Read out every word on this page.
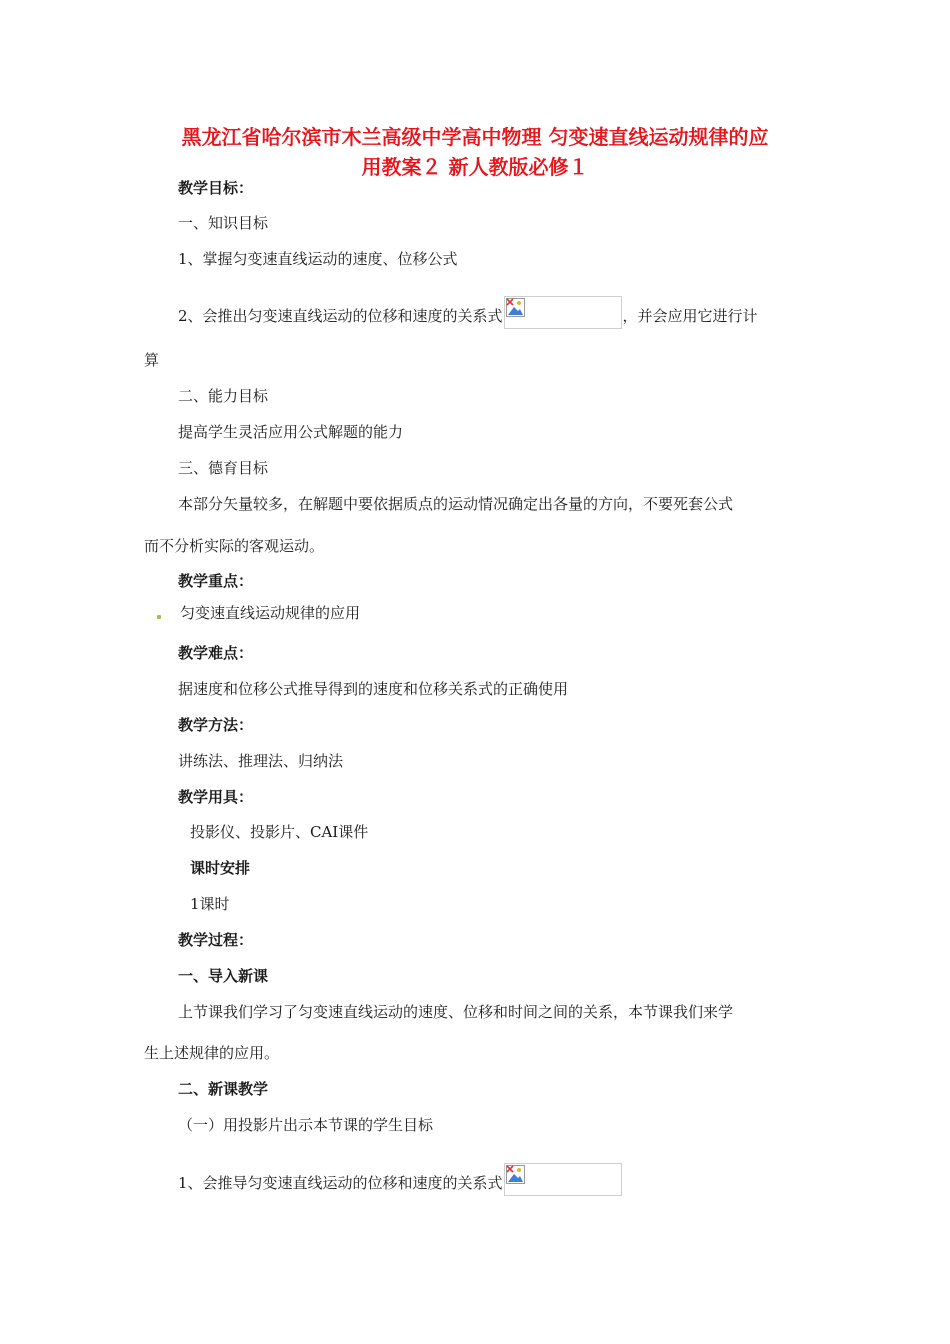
黑龙江省哈尔滨市木兰高级中学高中物理 匀变速直线运动规律的应
用教案２ 新人教版必修１
教学目标：
一、知识目标
1、掌握匀变速直线运动的速度、位移公式
2、会推出匀变速直线运动的位移和速度的关系式	，并会应用它进行计
算
二、能力目标
提高学生灵活应用公式解题的能力
三、德育目标
本部分矢量较多，在解题中要依据质点的运动情况确定出各量的方向，不要死套公式
而不分析实际的客观运动。
教学重点：
匀变速直线运动规律的应用
教学难点：
据速度和位移公式推导得到的速度和位移关系式的正确使用
教学方法：
讲练法、推理法、归纳法
教学用具：
投影仪、投影片、CAI课件
课时安排
1课时
教学过程：
一、导入新课
上节课我们学习了匀变速直线运动的速度、位移和时间之间的关系，本节课我们来学
生上述规律的应用。
二、新课教学
（一）用投影片出示本节课的学生目标
1、会推导匀变速直线运动的位移和速度的关系式
